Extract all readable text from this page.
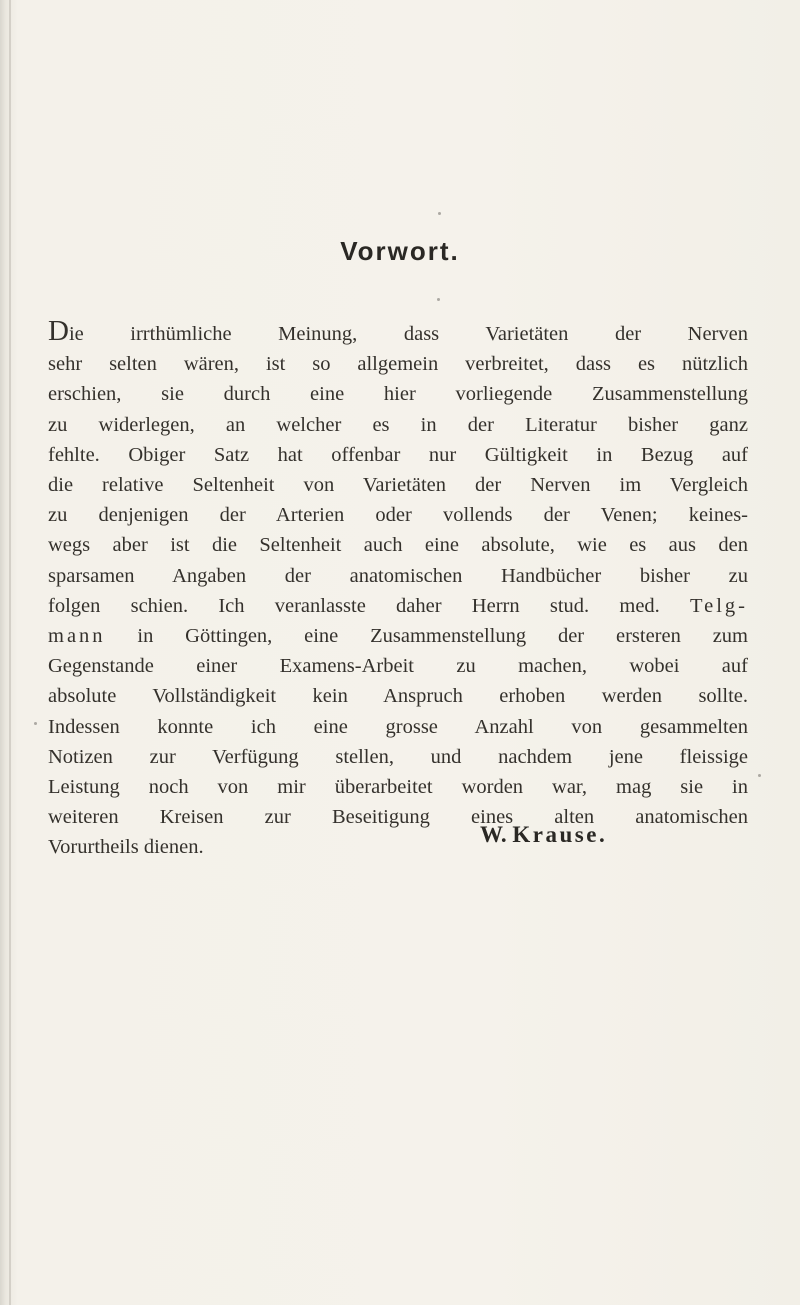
Vorwort.
Die irrthümliche Meinung, dass Varietäten der Nerven
sehr selten wären, ist so allgemein verbreitet, dass es nützlich
erschien, sie durch eine hier vorliegende Zusammenstellung
zu widerlegen, an welcher es in der Literatur bisher ganz
fehlte. Obiger Satz hat offenbar nur Gültigkeit in Bezug auf
die relative Seltenheit von Varietäten der Nerven im Vergleich
zu denjenigen der Arterien oder vollends der Venen; keines-
wegs aber ist die Seltenheit auch eine absolute, wie es aus den
sparsamen Angaben der anatomischen Handbücher bisher zu
folgen schien. Ich veranlasste daher Herrn stud. med. Telg-
mann in Göttingen, eine Zusammenstellung der ersteren zum
Gegenstande einer Examens-Arbeit zu machen, wobei auf
absolute Vollständigkeit kein Anspruch erhoben werden sollte.
Indessen konnte ich eine grosse Anzahl von gesammelten
Notizen zur Verfügung stellen, und nachdem jene fleissige
Leistung noch von mir überarbeitet worden war, mag sie in
weiteren Kreisen zur Beseitigung eines alten anatomischen
Vorurtheils dienen.
W. Krause.
